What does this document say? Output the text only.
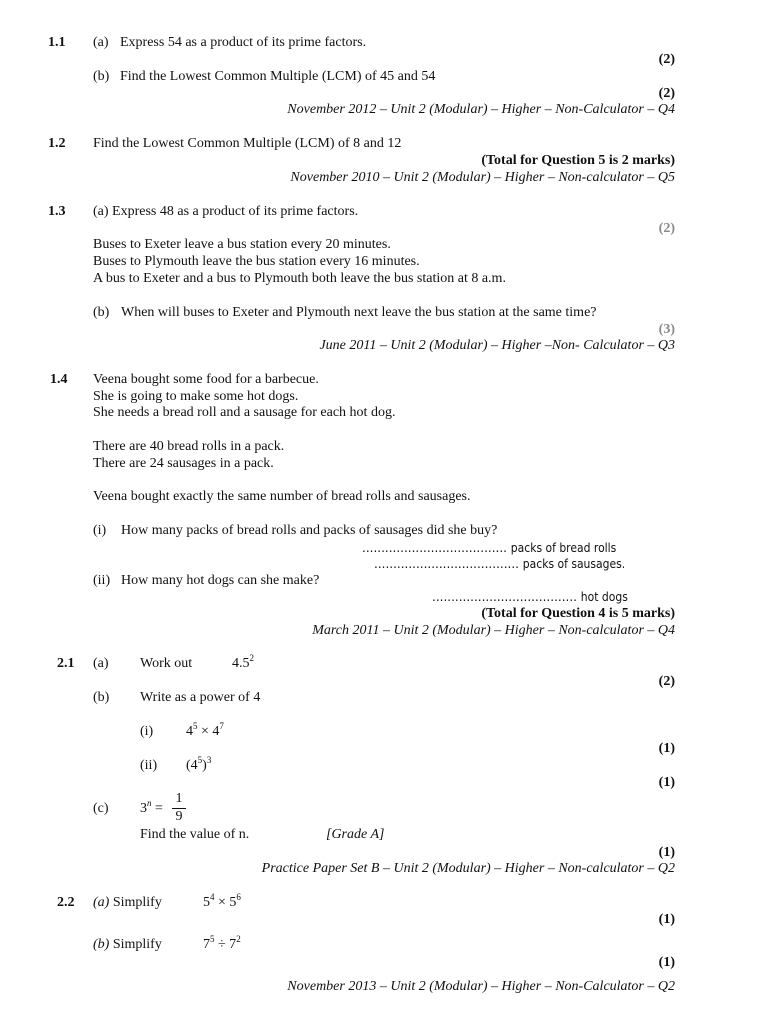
1.1 (a) Express 54 as a product of its prime factors.
(2)
(b) Find the Lowest Common Multiple (LCM) of 45 and 54
(2)
November 2012 – Unit 2 (Modular) – Higher – Non-Calculator – Q4
1.2 Find the Lowest Common Multiple (LCM) of 8 and 12
(Total for Question 5 is 2 marks)
November 2010 – Unit 2 (Modular) – Higher – Non-calculator – Q5
1.3 (a) Express 48 as a product of its prime factors.
(2)
Buses to Exeter leave a bus station every 20 minutes.
Buses to Plymouth leave the bus station every 16 minutes.
A bus to Exeter and a bus to Plymouth both leave the bus station at 8 a.m.
(b) When will buses to Exeter and Plymouth next leave the bus station at the same time?
(3)
June 2011 – Unit 2 (Modular) – Higher –Non- Calculator – Q3
1.4 Veena bought some food for a barbecue.
She is going to make some hot dogs.
She needs a bread roll and a sausage for each hot dog.
There are 40 bread rolls in a pack.
There are 24 sausages in a pack.
Veena bought exactly the same number of bread rolls and sausages.
(i) How many packs of bread rolls and packs of sausages did she buy?
...................................... packs of bread rolls
...................................... packs of sausages.
(ii) How many hot dogs can she make?
...................................... hot dogs
(Total for Question 4 is 5 marks)
March 2011 – Unit 2 (Modular) – Higher – Non-calculator – Q4
2.1 (a) Work out	$4.5^2$
(2)
(b) Write as a power of 4
(i) $4^5 \times 4^7$
(1)
(ii) $(4^5)^3$
(1)
(c) $3^n$ =
1
9
Find the value of n.	[Grade A]
(1)
Practice Paper Set B – Unit 2 (Modular) – Higher – Non-calculator – Q2
2.2 (a) Simplify	$5^4 \times 5^6$
(1)
(b) Simplify	$7^5 \div 7^2$
(1)
November 2013 – Unit 2 (Modular) – Higher – Non-Calculator – Q2
